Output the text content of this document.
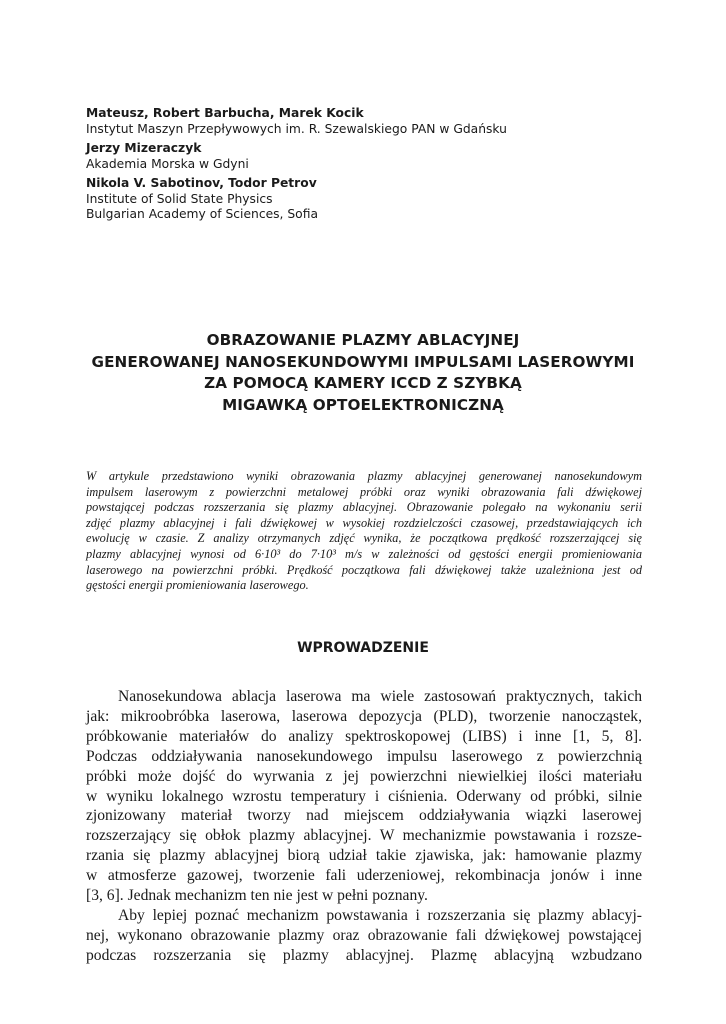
Mateusz, Robert Barbucha, Marek Kocik
Instytut Maszyn Przepływowych im. R. Szewalskiego PAN w Gdańsku
Jerzy Mizeraczyk
Akademia Morska w Gdyni
Nikola V. Sabotinov, Todor Petrov
Institute of Solid State Physics
Bulgarian Academy of Sciences, Sofia
OBRAZOWANIE PLAZMY ABLACYJNEJ
GENEROWANEJ NANOSEKUNDOWYMI IMPULSAMI LASEROWYMI
ZA POMOCĄ KAMERY ICCD Z SZYBKĄ
MIGAWKĄ OPTOELEKTRONICZNĄ
W artykule przedstawiono wyniki obrazowania plazmy ablacyjnej generowanej nanosekundowym
impulsem laserowym z powierzchni metalowej próbki oraz wyniki obrazowania fali dźwiękowej
powstającej podczas rozszerzania się plazmy ablacyjnej. Obrazowanie polegało na wykonaniu serii
zdjęć plazmy ablacyjnej i fali dźwiękowej w wysokiej rozdzielczości czasowej, przedstawiających ich
ewolucję w czasie. Z analizy otrzymanych zdjęć wynika, że początkowa prędkość rozszerzającej się
plazmy ablacyjnej wynosi od 6·10³ do 7·10³ m/s w zależności od gęstości energii promieniowania
laserowego na powierzchni próbki. Prędkość początkowa fali dźwiękowej także uzależniona jest od
gęstości energii promieniowania laserowego.
WPROWADZENIE
Nanosekundowa ablacja laserowa ma wiele zastosowań praktycznych, takich
jak: mikroobróbka laserowa, laserowa depozycja (PLD), tworzenie nanocząstek,
próbkowanie materiałów do analizy spektroskopowej (LIBS) i inne [1, 5, 8].
Podczas oddziaływania nanosekundowego impulsu laserowego z powierzchnią
próbki może dojść do wyrwania z jej powierzchni niewielkiej ilości materiału
w wyniku lokalnego wzrostu temperatury i ciśnienia. Oderwany od próbki, silnie
zjonizowany materiał tworzy nad miejscem oddziaływania wiązki laserowej
rozszerzający się obłok plazmy ablacyjnej. W mechanizmie powstawania i rozsze-
rzania się plazmy ablacyjnej biorą udział takie zjawiska, jak: hamowanie plazmy
w atmosferze gazowej, tworzenie fali uderzeniowej, rekombinacja jonów i inne
[3, 6]. Jednak mechanizm ten nie jest w pełni poznany.
Aby lepiej poznać mechanizm powstawania i rozszerzania się plazmy ablacyj-
nej, wykonano obrazowanie plazmy oraz obrazowanie fali dźwiękowej powstającej
podczas rozszerzania się plazmy ablacyjnej. Plazmę ablacyjną wzbudzano
